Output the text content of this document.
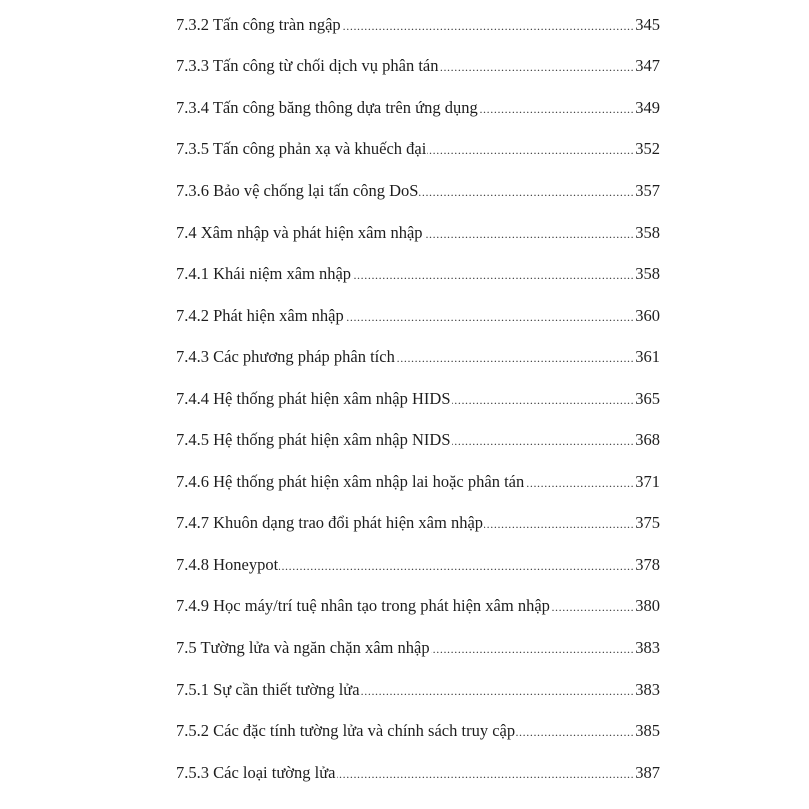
7.3.2 Tấn công tràn ngập .....	345
7.3.3 Tấn công từ chối dịch vụ phân tán .....	347
7.3.4 Tấn công băng thông dựa trên ứng dụng .....	349
7.3.5 Tấn công phản xạ và khuếch đại .....	352
7.3.6 Bảo vệ chống lại tấn công DoS .....	357
7.4 Xâm nhập và phát hiện xâm nhập .....	358
7.4.1 Khái niệm xâm nhập .....	358
7.4.2 Phát hiện xâm nhập .....	360
7.4.3 Các phương pháp phân tích .....	361
7.4.4 Hệ thống phát hiện xâm nhập HIDS .....	365
7.4.5 Hệ thống phát hiện xâm nhập NIDS .....	368
7.4.6 Hệ thống phát hiện xâm nhập lai hoặc phân tán .....	371
7.4.7 Khuôn dạng trao đổi phát hiện xâm nhập .....	375
7.4.8 Honeypot .....	378
7.4.9 Học máy/trí tuệ nhân tạo trong phát hiện xâm nhập .....	380
7.5 Tường lửa và ngăn chặn xâm nhập .....	383
7.5.1 Sự cần thiết tường lửa .....	383
7.5.2 Các đặc tính tường lửa và chính sách truy cập .....	385
7.5.3 Các loại tường lửa .....	387
